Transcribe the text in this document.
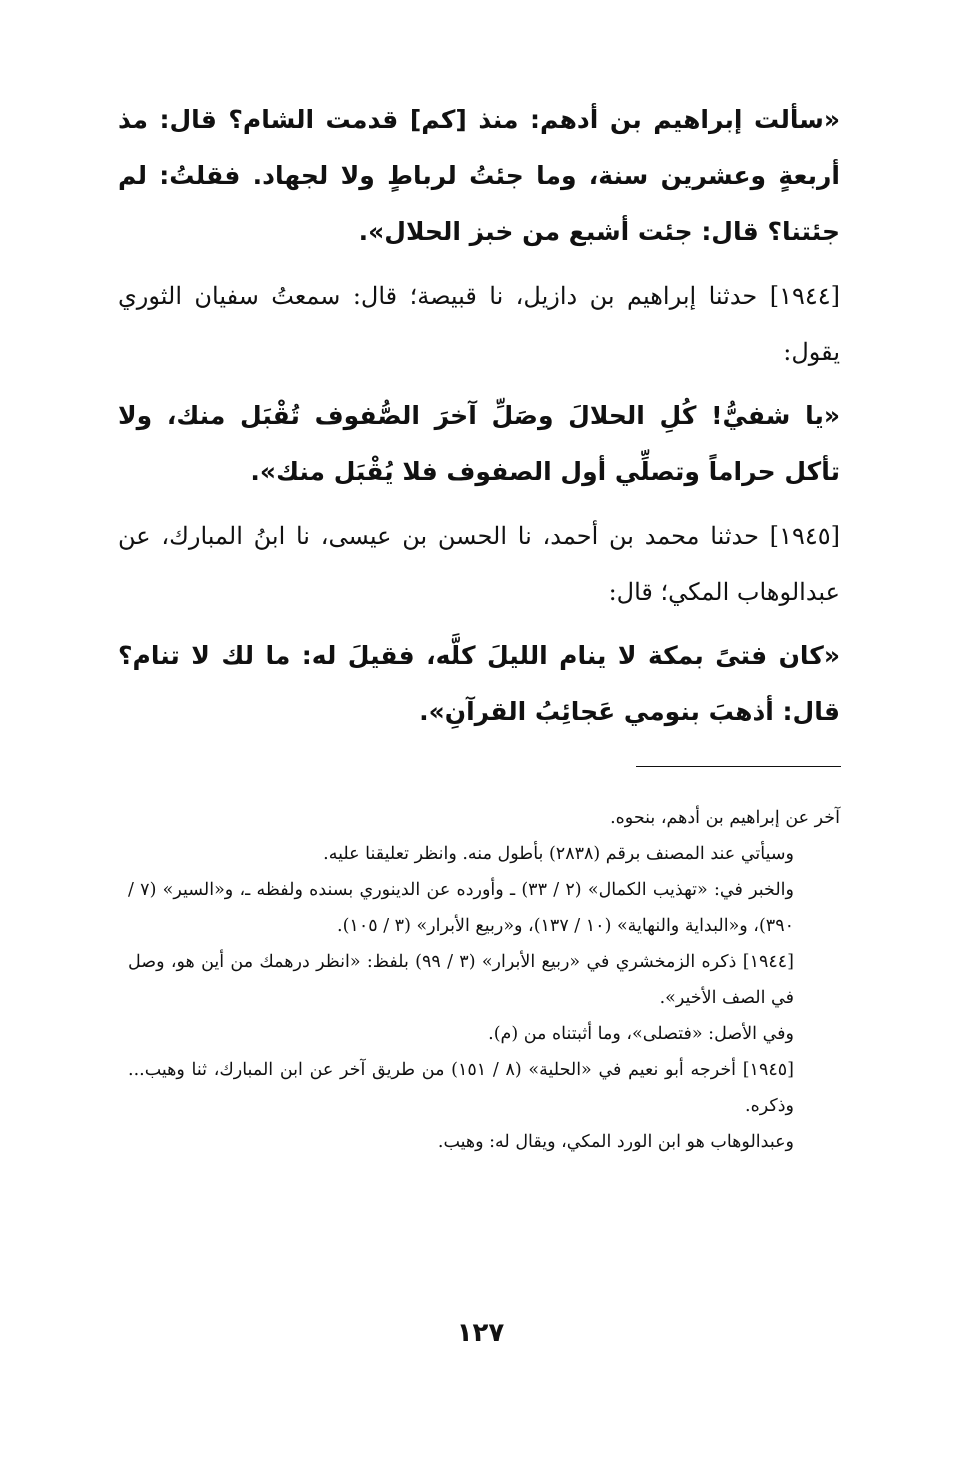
«سألت إبراهيم بن أدهم: منذ [كم] قدمت الشام؟ قال: مذ أربعةٍ وعشرين سنة، وما جئتُ لرباطٍ ولا لجهاد. فقلتُ: لم جئتنا؟ قال: جئت أشبع من خبز الحلال».

[١٩٤٤] حدثنا إبراهيم بن دازيل، نا قبيصة؛ قال: سمعتُ سفيان الثوري يقول:

«يا شفيُّ! كُلِ الحلالَ وصَلِّ آخرَ الصُّفوف تُقْبَل منك، ولا تأكل حراماً وتصلِّي أول الصفوف فلا يُقْبَل منك».

[١٩٤٥] حدثنا محمد بن أحمد، نا الحسن بن عيسى، نا ابنُ المبارك، عن عبدالوهاب المكي؛ قال:

«كان فتىً بمكة لا ينام الليلَ كلَّه، فقيلَ له: ما لك لا تنام؟ قال: أذهبَ بنومي عَجائِبُ القرآنِ».

آخر عن إبراهيم بن أدهم، بنحوه.

وسيأتي عند المصنف برقم (٢٨٣٨) بأطول منه. وانظر تعليقنا عليه.

والخبر في: «تهذيب الكمال» (٢ / ٣٣) ـ وأورده عن الدينوري بسنده ولفظه ـ، و«السير» (٧ / ٣٩٠)، و«البداية والنهاية» (١٠ / ١٣٧)، و«ربيع الأبرار» (٣ / ١٠٥).

[١٩٤٤] ذكره الزمخشري في «ربيع الأبرار» (٣ / ٩٩) بلفظ: «انظر درهمك من أين هو، وصل في الصف الأخير».

وفي الأصل: «فتصلى»، وما أثبتناه من (م).

[١٩٤٥] أخرجه أبو نعيم في «الحلية» (٨ / ١٥١) من طريق آخر عن ابن المبارك، ثنا وهيب... وذكره.

وعبدالوهاب هو ابن الورد المكي، ويقال له: وهيب.

١٢٧
